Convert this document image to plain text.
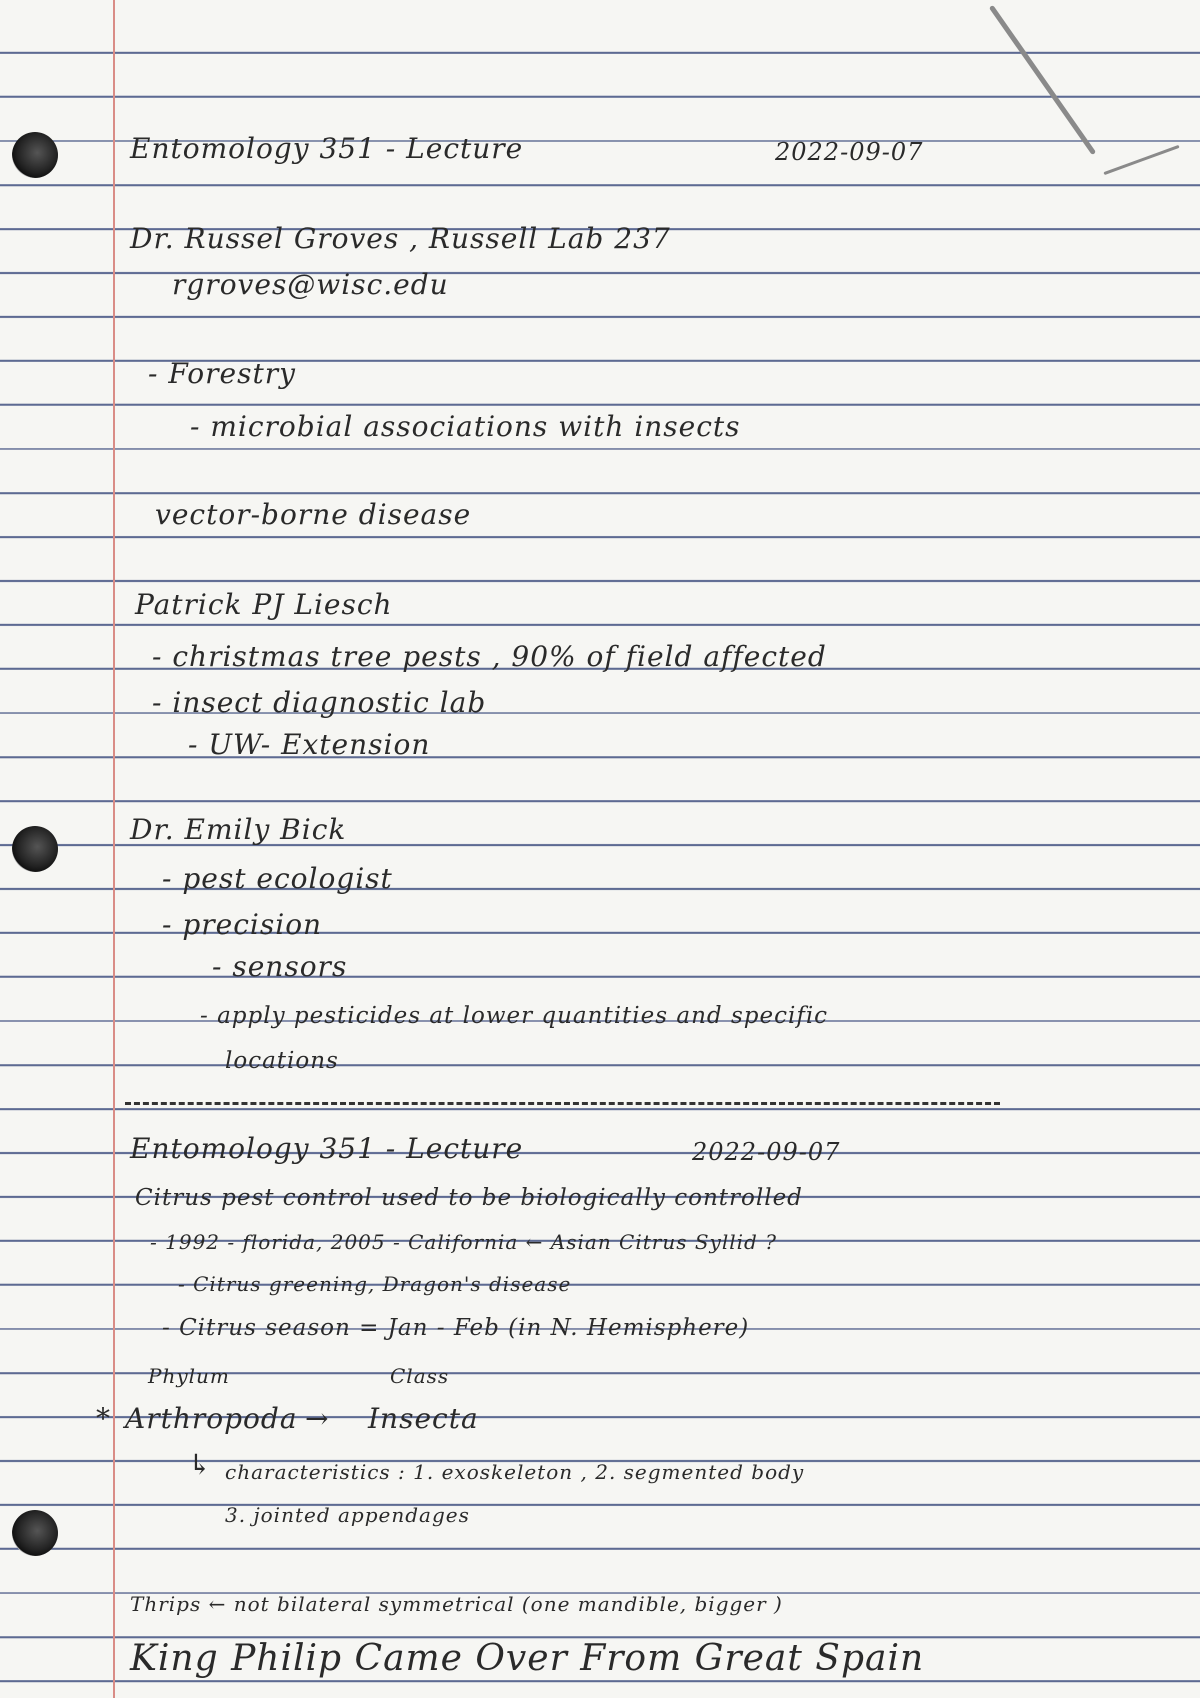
Entomology 351 - Lecture	2022-09-07
Dr. Russel Groves , Russell Lab 237
rgroves@wisc.edu
- Forestry
- microbial associations with insects
vector-borne disease
Patrick PJ Liesch
- christmas tree pests , 90% of field affected
- insect diagnostic lab
- UW- Extension
Dr. Emily Bick
- pest ecologist
- precision
- sensors
- apply pesticides at lower quantities and specific
locations
Entomology 351 - Lecture	2022-09-07
Citrus pest control used to be biologically controlled
- 1992 - florida, 2005 - California ← Asian Citrus Syllid ?
- Citrus greening, Dragon's disease
- Citrus season = Jan - Feb (in N. Hemisphere)
Phylum	Class
* Arthropoda → Insecta
↳ characteristics : 1. exoskeleton , 2. segmented body
3. jointed appendages
Thrips ← not bilateral symmetrical (one mandible, bigger )
King Philip Came Over From Great Spain
